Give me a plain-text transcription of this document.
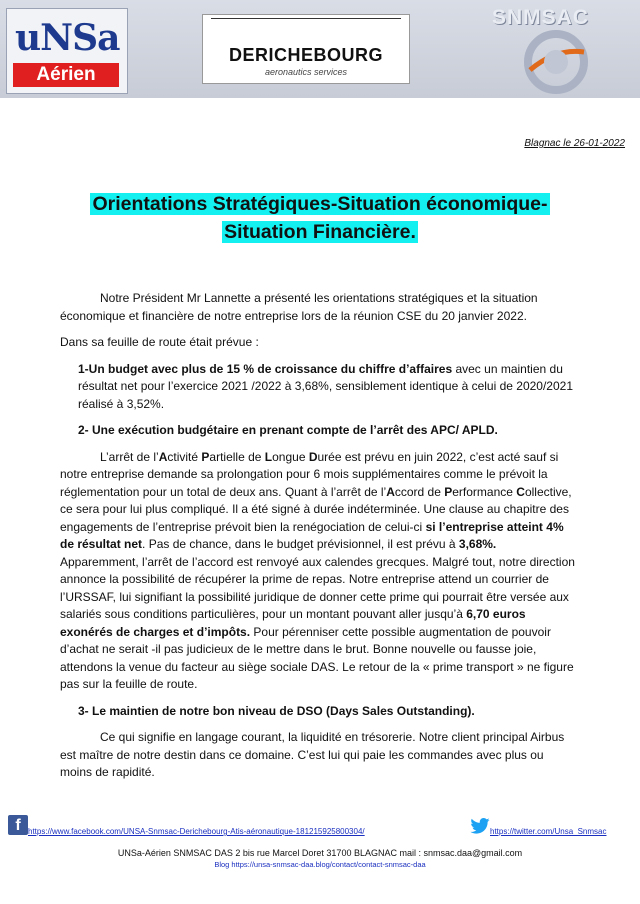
uNSa
Aérien
DERICHEBOURG
aeronautics services
SNMSAC
Blagnac le 26-01-2022
Orientations Stratégiques-Situation économique-
Situation Financière.

Notre Président Mr Lannette a présenté les orientations stratégiques et la situation économique et financière de notre entreprise lors de la réunion CSE du 20 janvier 2022.

Dans sa feuille de route était prévue :

1-Un budget avec plus de 15 % de croissance du chiffre d’affaires avec un maintien du résultat net pour l’exercice 2021 /2022 à 3,68%, sensiblement identique à celui de 2020/2021 réalisé à 3,52%.

2- Une exécution budgétaire en prenant compte de l’arrêt des APC/ APLD.

L’arrêt de l’Activité Partielle de Longue Durée est prévu en juin 2022, c’est acté sauf si notre entreprise demande sa prolongation pour 6 mois supplémentaires comme le prévoit la réglementation pour un total de deux ans. Quant à l’arrêt de l’Accord de Performance Collective, ce sera pour lui plus compliqué. Il a été signé à durée indéterminée. Une clause au chapitre des engagements de l’entreprise prévoit bien la renégociation de celui-ci si l’entreprise atteint 4% de résultat net. Pas de chance, dans le budget prévisionnel, il est prévu à 3,68%. Apparemment, l’arrêt de l’accord est renvoyé aux calendes grecques. Malgré tout, notre direction annonce la possibilité de récupérer la prime de repas. Notre entreprise attend un courrier de l’URSSAF, lui signifiant la possibilité juridique de donner cette prime qui pourrait être versée aux salariés sous conditions particulières, pour un montant pouvant aller jusqu’à 6,70 euros exonérés de charges et d’impôts. Pour pérenniser cette possible augmentation de pouvoir d’achat ne serait -il pas judicieux de le mettre dans le brut. Bonne nouvelle ou fausse joie, attendons la venue du facteur au siège sociale DAS. Le retour de la « prime transport » ne figure pas sur la feuille de route.

3- Le maintien de notre bon niveau de DSO (Days Sales Outstanding).

Ce qui signifie en langage courant, la liquidité en trésorerie. Notre client principal Airbus est maître de notre destin dans ce domaine. C’est lui qui paie les commandes avec plus ou moins de rapidité.

f https://www.facebook.com/UNSA-Snmsac-Derichebourg-Atis-aéronautique-181215925800304/	https://twitter.com/Unsa_Snmsac
UNSa-Aérien SNMSAC DAS 2 bis rue Marcel Doret 31700 BLAGNAC mail : snmsac.daa@gmail.com
Blog https://unsa-snmsac-daa.blog/contact/contact-snmsac-daa
